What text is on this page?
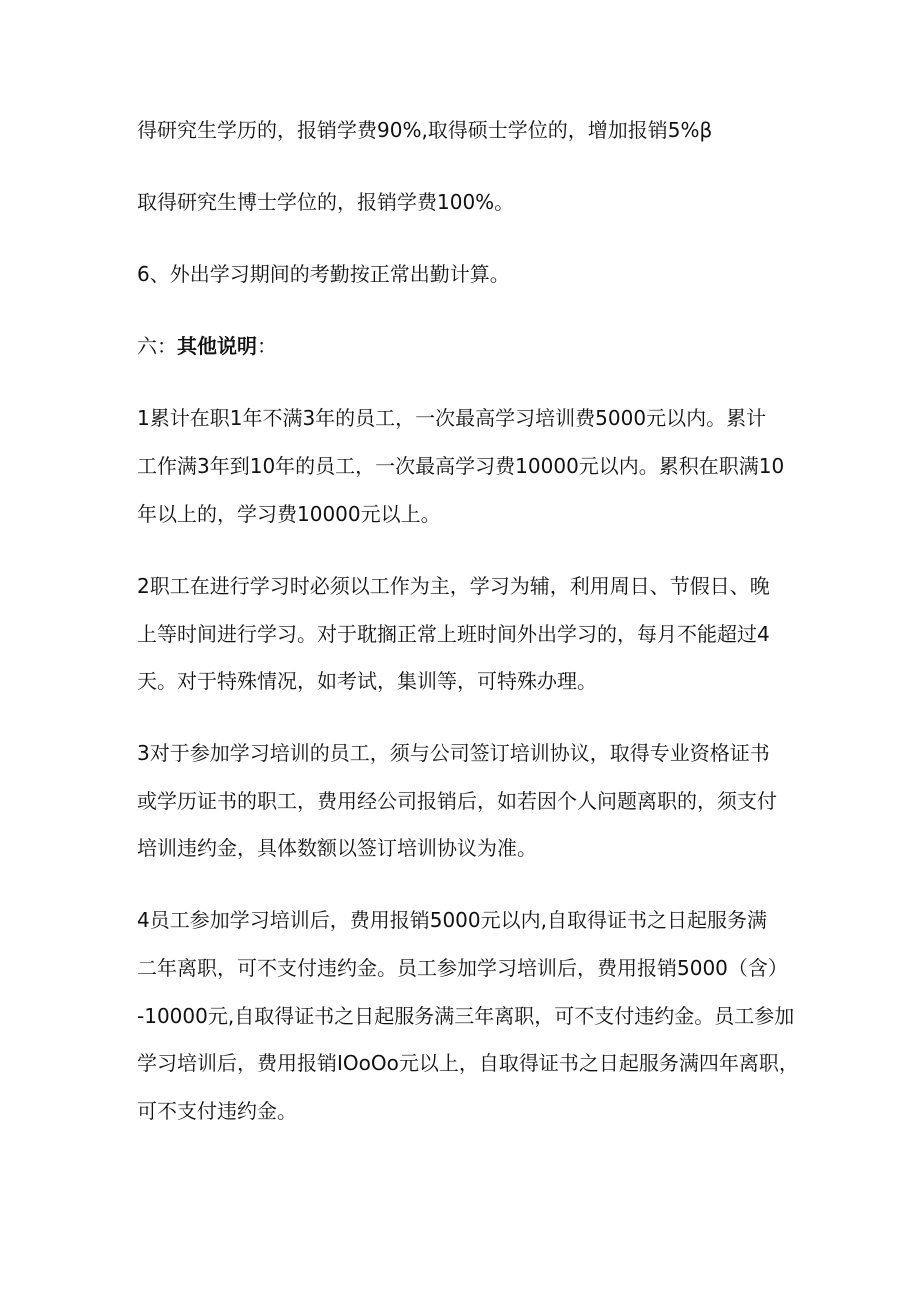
得研究生学历的，报销学费90%,取得硕士学位的，增加报销5%β
取得研究生博士学位的，报销学费100%。
6、外出学习期间的考勤按正常出勤计算。
六：其他说明：
1累计在职1年不满3年的员工，一次最高学习培训费5000元以内。累计
工作满3年到10年的员工，一次最高学习费10000元以内。累积在职满10
年以上的，学习费10000元以上。
2职工在进行学习时必须以工作为主，学习为辅，利用周日、节假日、晚
上等时间进行学习。对于耽搁正常上班时间外出学习的，每月不能超过4
天。对于特殊情况，如考试，集训等，可特殊办理。
3对于参加学习培训的员工，须与公司签订培训协议，取得专业资格证书
或学历证书的职工，费用经公司报销后，如若因个人问题离职的，须支付
培训违约金，具体数额以签订培训协议为准。
4员工参加学习培训后，费用报销5000元以内,自取得证书之日起服务满
二年离职，可不支付违约金。员工参加学习培训后，费用报销5000（含）
-10000元,自取得证书之日起服务满三年离职，可不支付违约金。员工参加
学习培训后，费用报销IOoOo元以上，自取得证书之日起服务满四年离职，
可不支付违约金。
